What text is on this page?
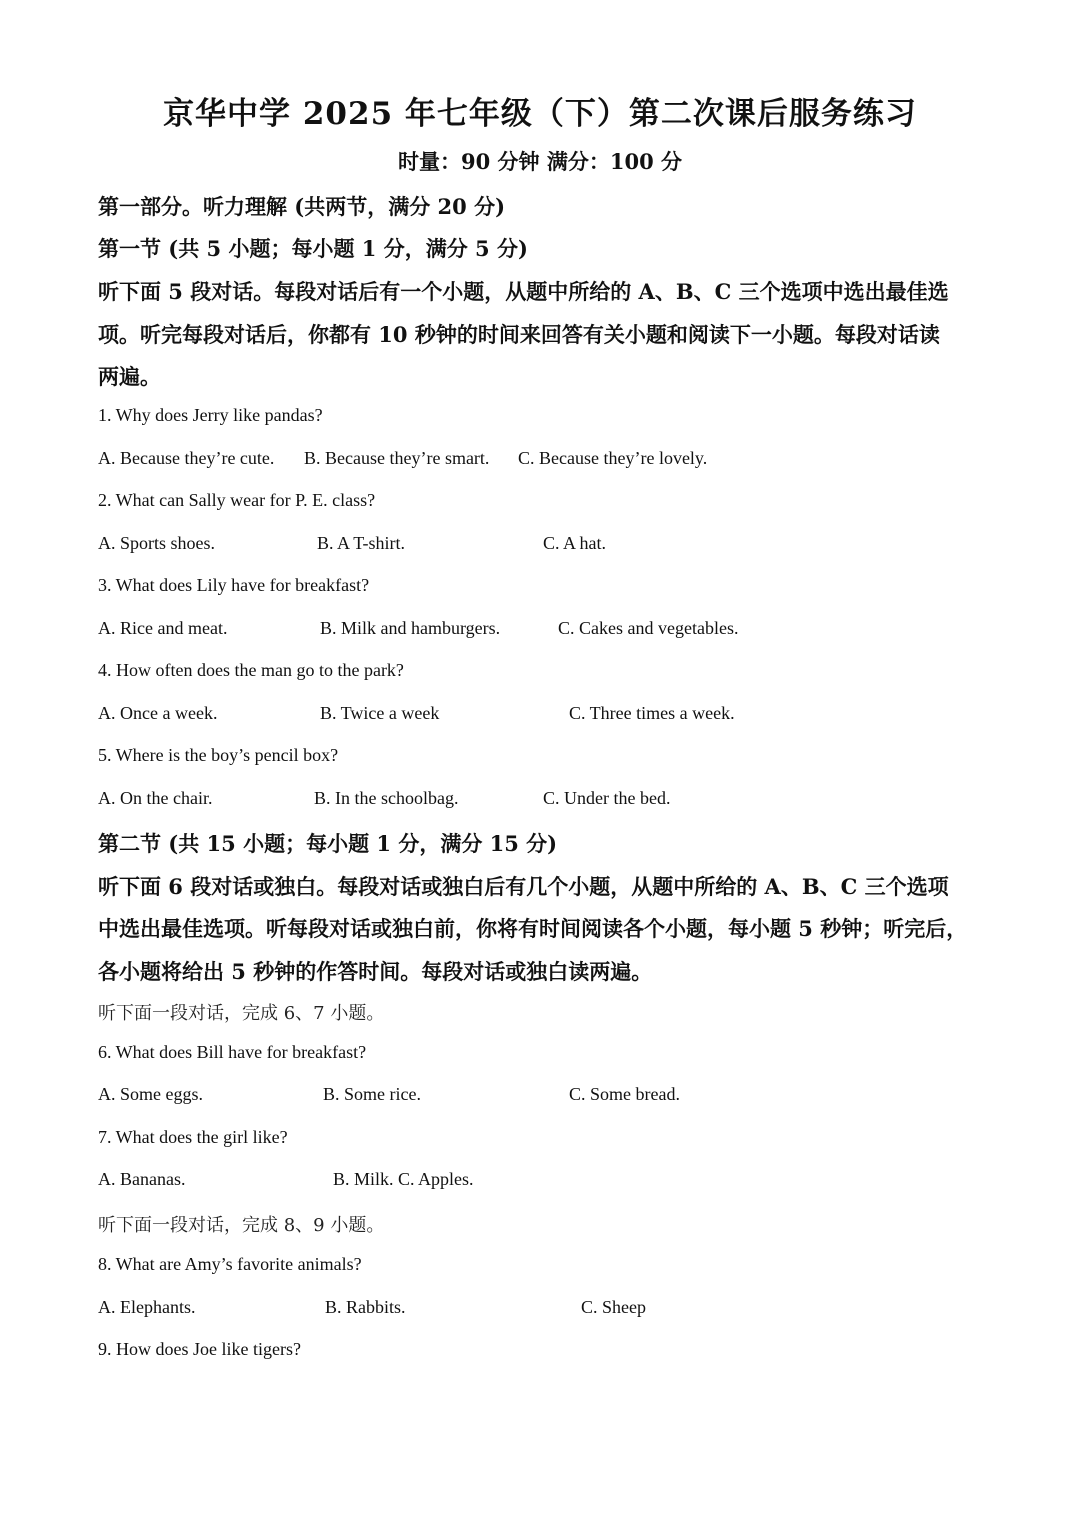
京华中学 2025 年七年级（下）第二次课后服务练习
时量：90 分钟 满分：100 分
第一部分。听力理解 (共两节，满分 20 分)
第一节 (共 5 小题；每小题 1 分，满分 5 分)
听下面 5 段对话。每段对话后有一个小题，从题中所给的 A、B、C 三个选项中选出最佳选
项。听完每段对话后，你都有 10 秒钟的时间来回答有关小题和阅读下一小题。每段对话读
两遍。
1. Why does Jerry like pandas?
A. Because they’re cute. B. Because they’re smart. C. Because they’re lovely.
2. What can Sally wear for P. E. class?
A. Sports shoes.	B. A T-shirt.	C. A hat.
3. What does Lily have for breakfast?
A. Rice and meat.	B. Milk and hamburgers.	C. Cakes and vegetables.
4. How often does the man go to the park?
A. Once a week.	B. Twice a week	C. Three times a week.
5. Where is the boy’s pencil box?
A. On the chair.	B. In the schoolbag.	C. Under the bed.
第二节 (共 15 小题；每小题 1 分，满分 15 分)
听下面 6 段对话或独白。每段对话或独白后有几个小题，从题中所给的 A、B、C 三个选项
中选出最佳选项。听每段对话或独白前，你将有时间阅读各个小题，每小题 5 秒钟；听完后，
各小题将给出 5 秒钟的作答时间。每段对话或独白读两遍。
听下面一段对话，完成 6、7 小题。
6. What does Bill have for breakfast?
A. Some eggs.	B. Some rice.	C. Some bread.
7. What does the girl like?
A. Bananas.	B. Milk. C. Apples.
听下面一段对话，完成 8、9 小题。
8. What are Amy’s favorite animals?
A. Elephants.	B. Rabbits.	C. Sheep
9. How does Joe like tigers?
